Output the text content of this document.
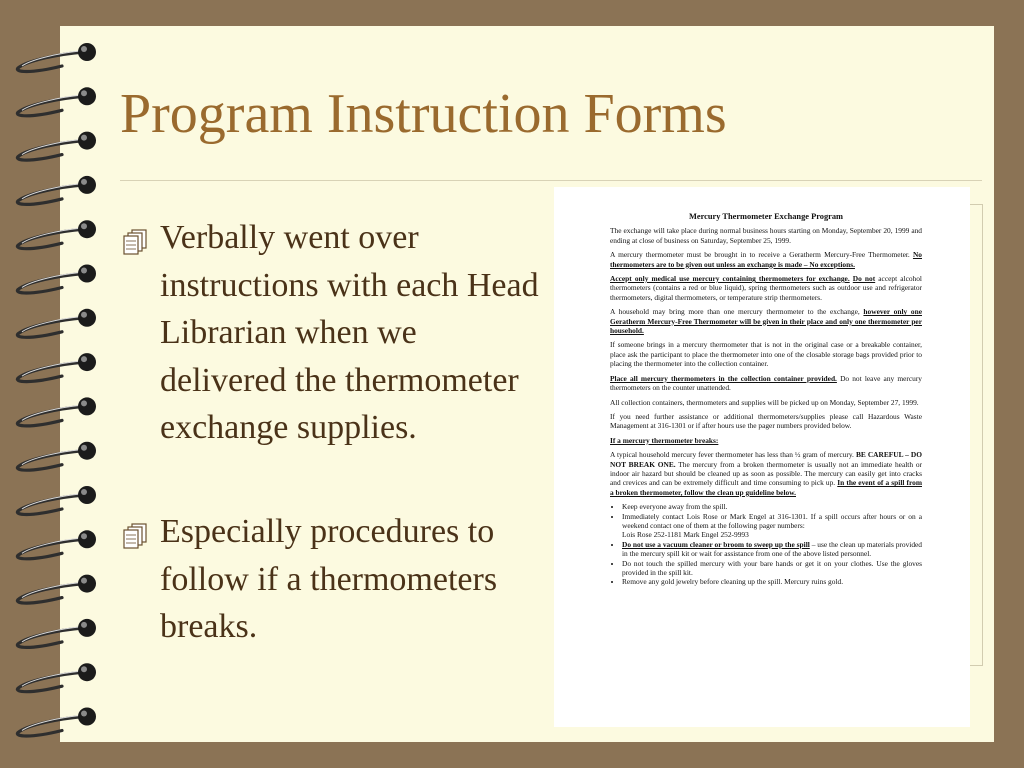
Program Instruction Forms
Verbally went over instructions with each Head Librarian when we delivered the thermometer exchange supplies.
Especially procedures to follow if a thermometers breaks.
Mercury Thermometer Exchange Program

The exchange will take place during normal business hours starting on Monday, September 20, 1999 and ending at close of business on Saturday, September 25, 1999.

A mercury thermometer must be brought in to receive a Geratherm Mercury-Free Thermometer. No thermometers are to be given out unless an exchange is made – No exceptions.

Accept only medical use mercury containing thermometers for exchange. Do not accept alcohol thermometers (contains a red or blue liquid), spring thermometers such as outdoor use and refrigerator thermometers, digital thermometers, or temperature strip thermometers.

A household may bring more than one mercury thermometer to the exchange, however only one Geratherm Mercury-Free Thermometer will be given in their place and only one thermometer per household.

If someone brings in a mercury thermometer that is not in the original case or a breakable container, place ask the participant to place the thermometer into one of the closable storage bags provided prior to placing the thermometer into the collection container.

Place all mercury thermometers in the collection container provided. Do not leave any mercury thermometers on the counter unattended.

All collection containers, thermometers and supplies will be picked up on Monday, September 27, 1999.

If you need further assistance or additional thermometers/supplies please call Hazardous Waste Management at 316-1301 or if after hours use the pager numbers provided below.

If a mercury thermometer breaks:

A typical household mercury fever thermometer has less than ½ gram of mercury. BE CAREFUL – DO NOT BREAK ONE. The mercury from a broken thermometer is usually not an immediate health or indoor air hazard but should be cleaned up as soon as possible. The mercury can easily get into cracks and crevices and can be extremely difficult and time consuming to pick up. In the event of a spill from a broken thermometer, follow the clean up guideline below.

• Keep everyone away from the spill.
• Immediately contact Lois Rose or Mark Engel at 316-1301. If a spill occurs after hours or on a weekend contact one of them at the following pager numbers:
Lois Rose 252-1181 Mark Engel 252-9993
• Do not use a vacuum cleaner or broom to sweep up the spill – use the clean up materials provided in the mercury spill kit or wait for assistance from one of the above listed personnel.
• Do not touch the spilled mercury with your bare hands or get it on your clothes. Use the gloves provided in the spill kit.
• Remove any gold jewelry before cleaning up the spill. Mercury ruins gold.
